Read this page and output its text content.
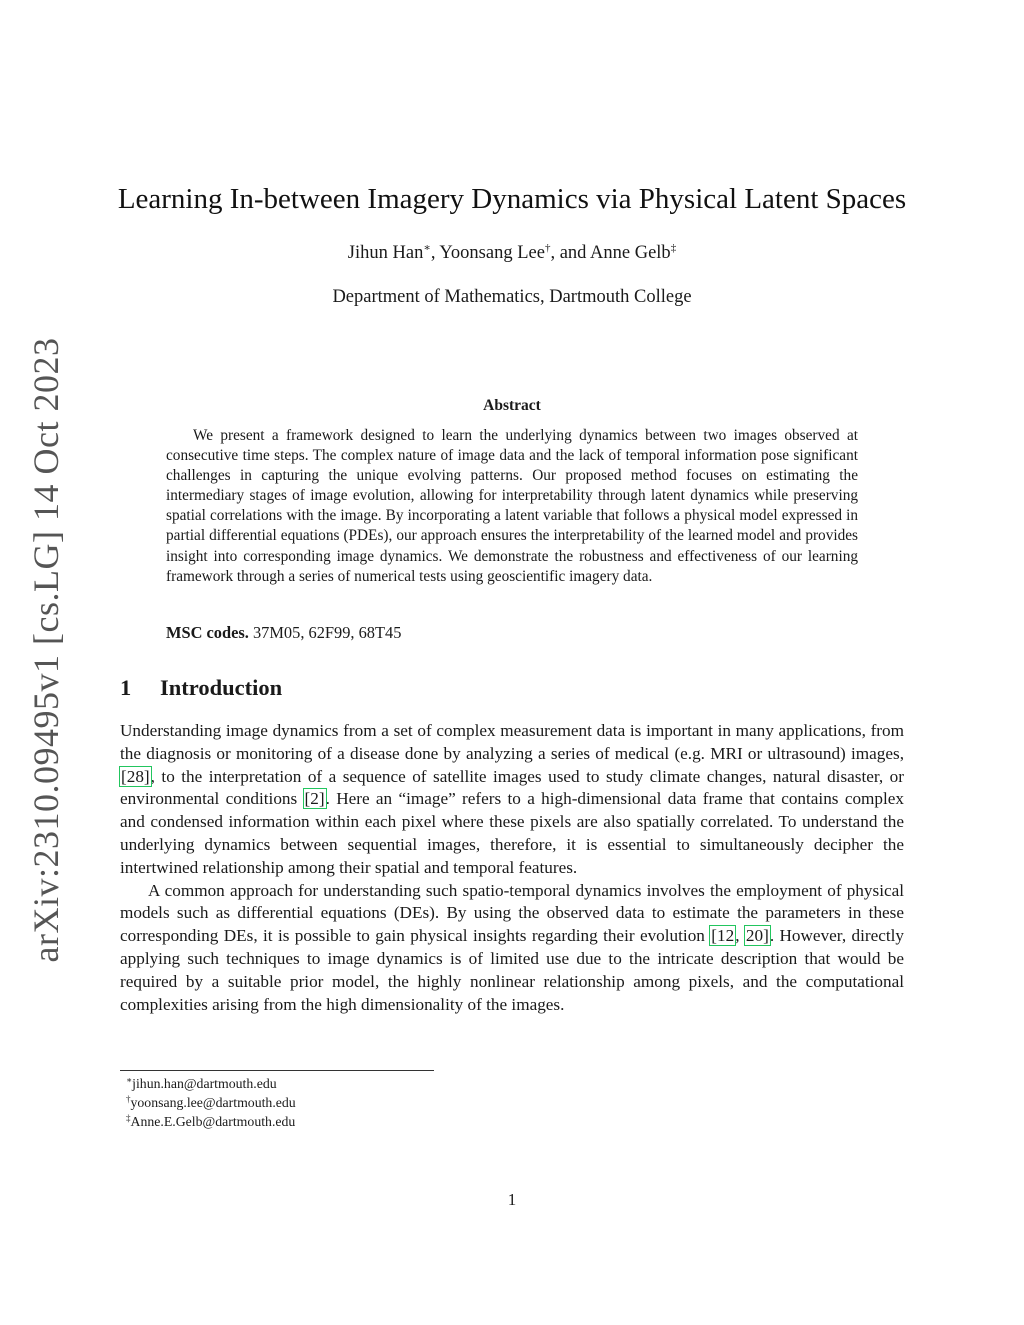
arXiv:2310.09495v1 [cs.LG] 14 Oct 2023
Learning In-between Imagery Dynamics via Physical Latent Spaces
Jihun Han∗, Yoonsang Lee†, and Anne Gelb‡
Department of Mathematics, Dartmouth College
Abstract

We present a framework designed to learn the underlying dynamics between two images observed at consecutive time steps. The complex nature of image data and the lack of temporal information pose significant challenges in capturing the unique evolving patterns. Our proposed method focuses on estimating the intermediary stages of image evolution, allowing for interpretability through latent dynamics while preserving spatial correlations with the image. By incorporating a latent variable that follows a physical model expressed in partial differential equations (PDEs), our approach ensures the interpretability of the learned model and provides insight into corresponding image dynamics. We demonstrate the robustness and effectiveness of our learning framework through a series of numerical tests using geoscientific imagery data.

MSC codes. 37M05, 62F99, 68T45

1 Introduction

Understanding image dynamics from a set of complex measurement data is important in many applications, from the diagnosis or monitoring of a disease done by analyzing a series of medical (e.g. MRI or ultrasound) images, [28], to the interpretation of a sequence of satellite images used to study climate changes, natural disaster, or environmental conditions [2]. Here an “image” refers to a high-dimensional data frame that contains complex and condensed information within each pixel where these pixels are also spatially correlated. To understand the underlying dynamics between sequential images, therefore, it is essential to simultaneously decipher the intertwined relationship among their spatial and temporal features.

A common approach for understanding such spatio-temporal dynamics involves the employment of physical models such as differential equations (DEs). By using the observed data to estimate the parameters in these corresponding DEs, it is possible to gain physical insights regarding their evolution [12, 20]. However, directly applying such techniques to image dynamics is of limited use due to the intricate description that would be required by a suitable prior model, the highly nonlinear relationship among pixels, and the computational complexities arising from the high dimensionality of the images.

∗jihun.han@dartmouth.edu
†yoonsang.lee@dartmouth.edu
‡Anne.E.Gelb@dartmouth.edu
1
